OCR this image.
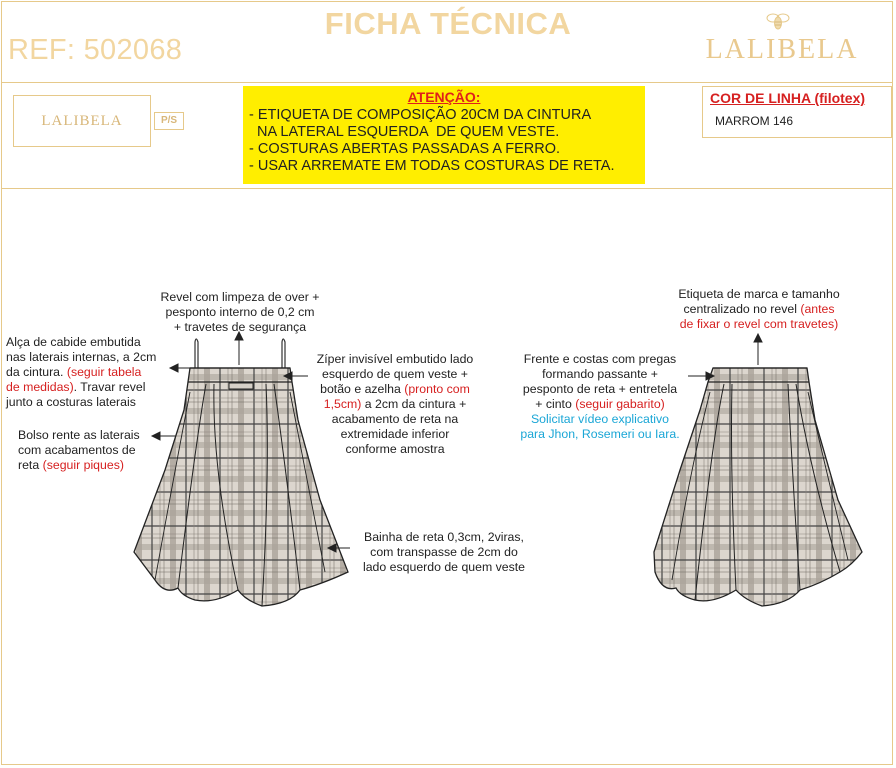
FICHA TÉCNICA
REF: 502068	LALIBELA
LALIBELA	P/S
ATENÇÃO:
- ETIQUETA DE COMPOSIÇÃO 20CM DA CINTURA
NA LATERAL ESQUERDA  DE QUEM VESTE.
- COSTURAS ABERTAS PASSADAS A FERRO.
- USAR ARREMATE EM TODAS COSTURAS DE RETA.
COR DE LINHA (filotex)
MARROM 146
Revel com limpeza de over +
pesponto interno de 0,2 cm
+ travetes de segurança
Alça de cabide embutida
nas laterais internas, a 2cm
da cintura. (seguir tabela
de medidas). Travar revel
junto a costuras laterais
Bolso rente as laterais
com acabamentos de
reta (seguir piques)
Zíper invisível embutido lado
esquerdo de quem veste +
botão e azelha (pronto com
1,5cm) a 2cm da cintura +
acabamento de reta na
extremidade inferior
conforme amostra
Bainha de reta 0,3cm, 2viras,
com transpasse de 2cm do
lado esquerdo de quem veste
Etiqueta de marca e tamanho
centralizado no revel (antes
de fixar o revel com travetes)
Frente e costas com pregas
formando passante +
pesponto de reta + entretela
+ cinto (seguir gabarito)
Solicitar vídeo explicativo
para Jhon, Rosemeri ou Iara.
